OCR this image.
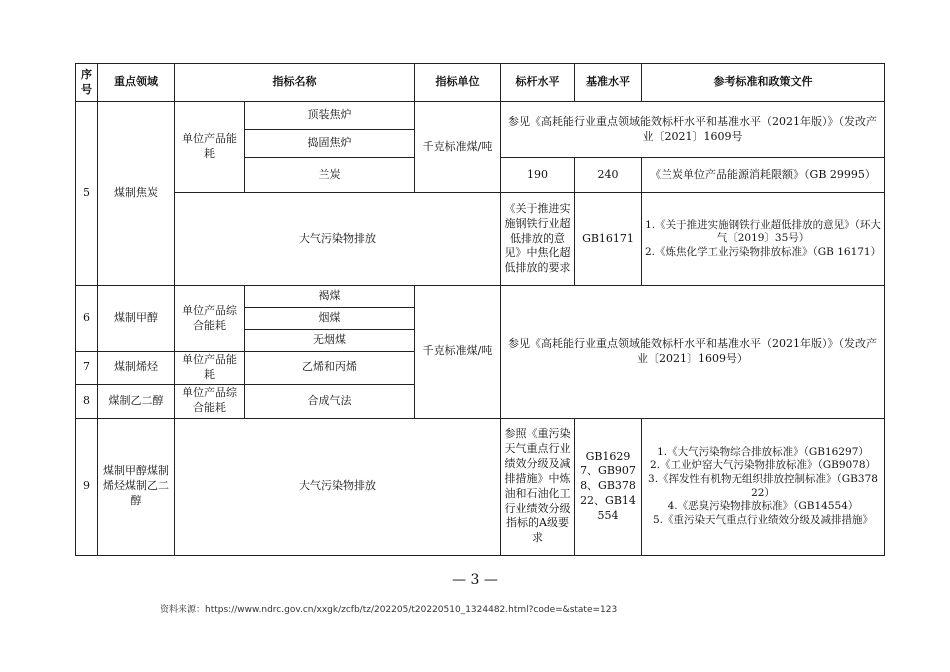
序号	重点领域	指标名称		指标单位	标杆水平	基准水平	参考标准和政策文件
5	煤制焦炭	单位产品能耗	顶装焦炉	千克标准煤/吨	参见《高耗能行业重点领域能效标杆水平和基准水平（2021年版）》（发改产业〔2021〕1609号		
			捣固焦炉				
			兰炭		190	240	《兰炭单位产品能源消耗限额》（GB 29995）
		大气污染物排放			《关于推进实施钢铁行业超低排放的意见》中焦化超低排放的要求	GB16171	1.《关于推进实施钢铁行业超低排放的意见》（环大气〔2019〕35号）
2.《炼焦化学工业污染物排放标准》（GB 16171）

6	煤制甲醇	单位产品综合能耗	褐煤	千克标准煤/吨	参见《高耗能行业重点领域能效标杆水平和基准水平（2021年版）》（发改产业〔2021〕1609号）		
			烟煤				
			无烟煤				
7	煤制烯烃	单位产品能耗	乙烯和丙烯				
8	煤制乙二醇	单位产品综合能耗	合成气法				
9	煤制甲醇煤制烯烃煤制乙二醇	大气污染物排放			参照《重污染天气重点行业绩效分级及减排措施》中炼油和石油化工行业绩效分级指标的A级要求	GB16297、GB9078、GB37822、GB14554	1.《大气污染物综合排放标准》（GB16297）
2.《工业炉窑大气污染物排放标准》（GB9078）
3.《挥发性有机物无组织排放控制标准》（GB37822）
4.《恶臭污染物排放标准》（GB14554）
5.《重污染天气重点行业绩效分级及减排措施》
— 3 —
资料来源：https://www.ndrc.gov.cn/xxgk/zcfb/tz/202205/t20220510_1324482.html?code=&state=123
